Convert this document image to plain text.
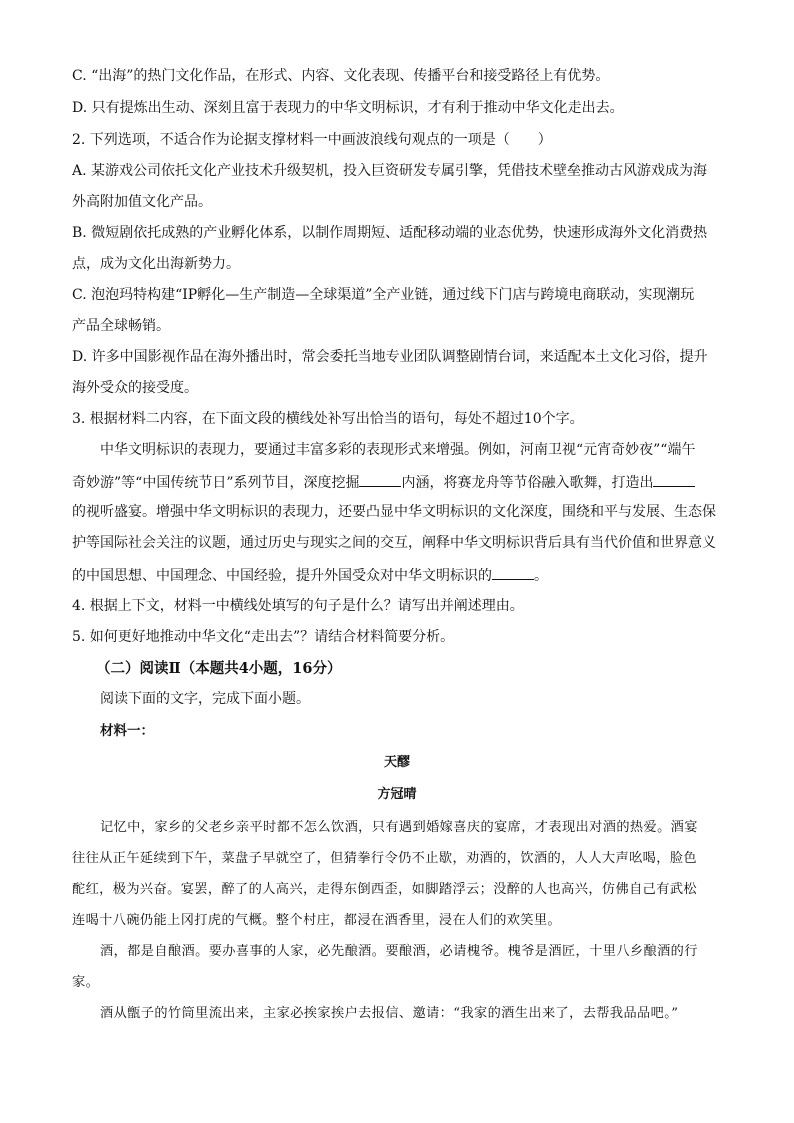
C. “出海”的热门文化作品，在形式、内容、文化表现、传播平台和接受路径上有优势。
D. 只有提炼出生动、深刻且富于表现力的中华文明标识，才有利于推动中华文化走出去。
2. 下列选项，不适合作为论据支撑材料一中画波浪线句观点的一项是（　　）
A. 某游戏公司依托文化产业技术升级契机，投入巨资研发专属引擎，凭借技术壁垒推动古风游戏成为海
外高附加值文化产品。
B. 微短剧依托成熟的产业孵化体系，以制作周期短、适配移动端的业态优势，快速形成海外文化消费热
点，成为文化出海新势力。
C. 泡泡玛特构建“IP孵化—生产制造—全球渠道”全产业链，通过线下门店与跨境电商联动，实现潮玩
产品全球畅销。
D. 许多中国影视作品在海外播出时，常会委托当地专业团队调整剧情台词，来适配本土文化习俗，提升
海外受众的接受度。
3. 根据材料二内容，在下面文段的横线处补写出恰当的语句，每处不超过10个字。
中华文明标识的表现力，要通过丰富多彩的表现形式来增强。例如，河南卫视“元宵奇妙夜”“端午
奇妙游”等“中国传统节日”系列节目，深度挖掘	内涵，将赛龙舟等节俗融入歌舞，打造出
的视听盛宴。增强中华文明标识的表现力，还要凸显中华文明标识的文化深度，围绕和平与发展、生态保
护等国际社会关注的议题，通过历史与现实之间的交互，阐释中华文明标识背后具有当代价值和世界意义
的中国思想、中国理念、中国经验，提升外国受众对中华文明标识的	。
4. 根据上下文，材料一中横线处填写的句子是什么？请写出并阐述理由。
5. 如何更好地推动中华文化“走出去”？请结合材料简要分析。
（二）阅读Ⅱ（本题共4小题，16分）
阅读下面的文字，完成下面小题。
材料一：
天醪
方冠晴
记忆中，家乡的父老乡亲平时都不怎么饮酒，只有遇到婚嫁喜庆的宴席，才表现出对酒的热爱。酒宴
往往从正午延续到下午，菜盘子早就空了，但猜拳行令仍不止歇，劝酒的，饮酒的，人人大声吆喝，脸色
酡红，极为兴奋。宴罢，醉了的人高兴，走得东倒西歪，如脚踏浮云；没醉的人也高兴，仿佛自己有武松
连喝十八碗仍能上冈打虎的气概。整个村庄，都浸在酒香里，浸在人们的欢笑里。
酒，都是自酿酒。要办喜事的人家，必先酿酒。要酿酒，必请槐爷。槐爷是酒匠，十里八乡酿酒的行
家。
酒从甑子的竹筒里流出来，主家必挨家挨户去报信、邀请：“我家的酒生出来了，去帮我品品吧。”
